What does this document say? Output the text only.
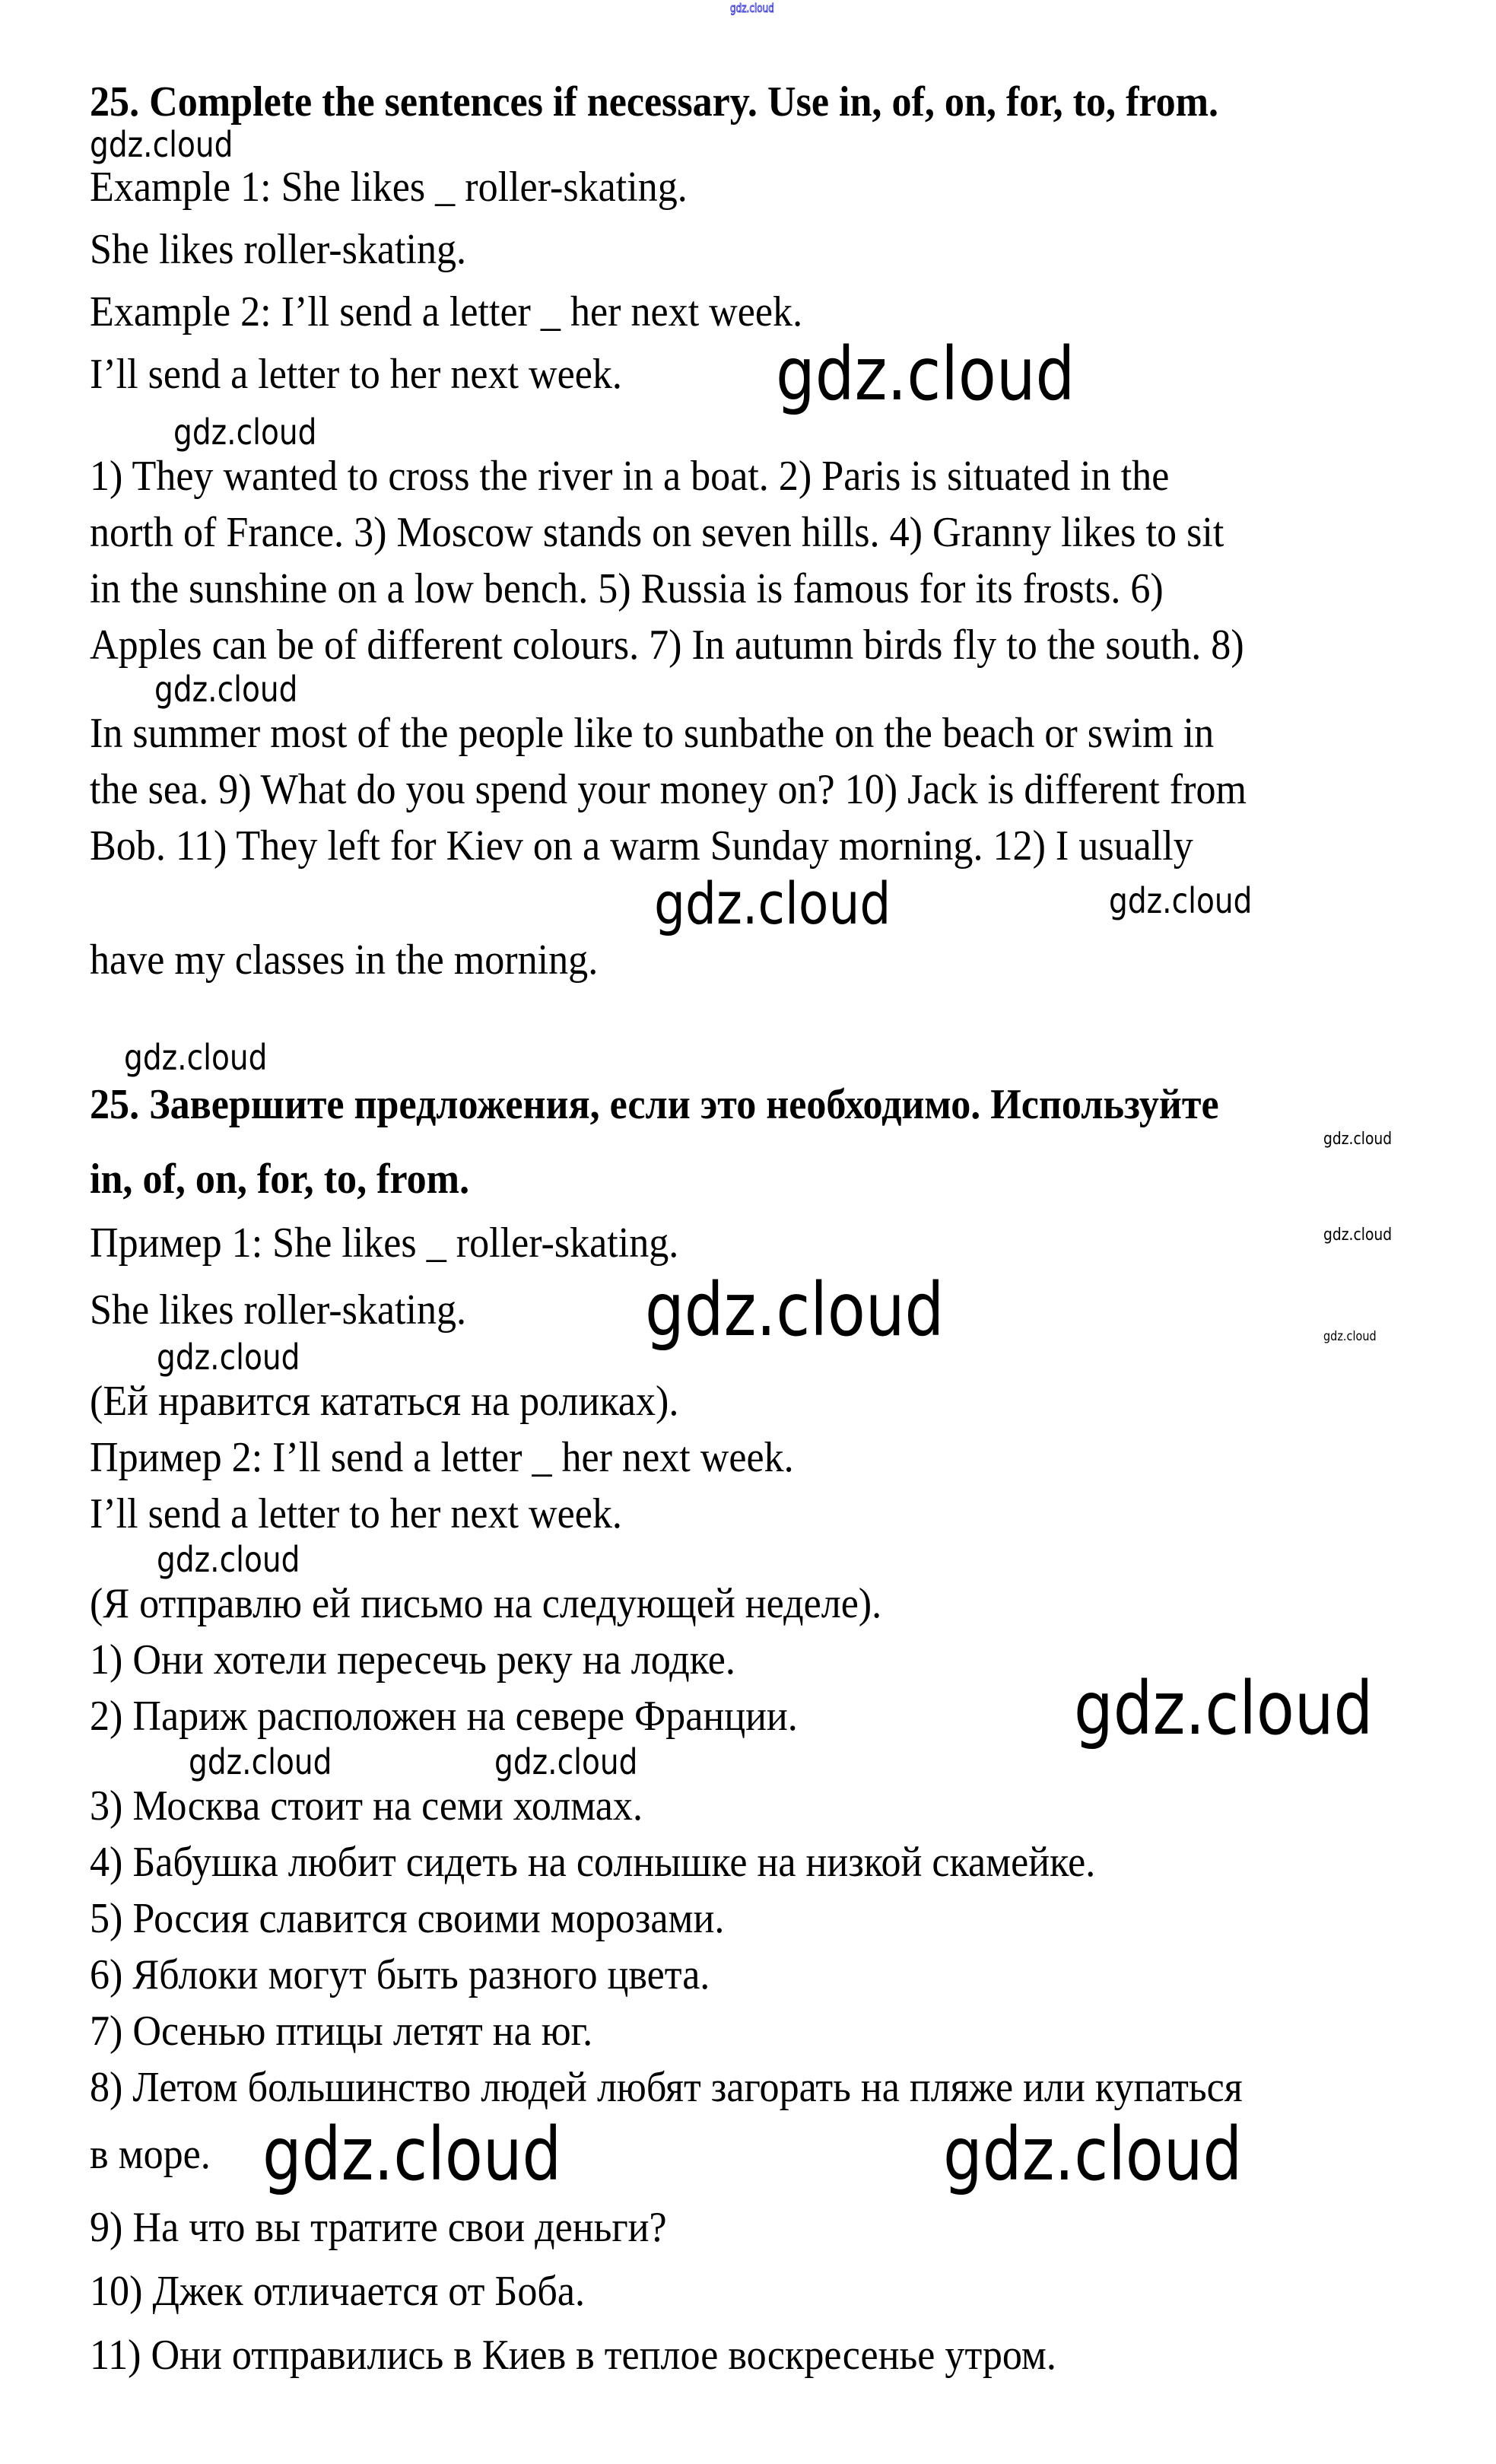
gdz.cloud
25. Complete the sentences if necessary. Use in, of, on, for, to, from.
gdz.cloud
Example 1: She likes _ roller-skating.
She likes roller-skating.
Example 2: I’ll send a letter _ her next week.
I’ll send a letter to her next week. gdz.cloud
gdz.cloud
1) They wanted to cross the river in a boat. 2) Paris is situated in the
north of France. 3) Moscow stands on seven hills. 4) Granny likes to sit
in the sunshine on a low bench. 5) Russia is famous for its frosts. 6)
Apples can be of different colours. 7) In autumn birds fly to the south. 8)
gdz.cloud
In summer most of the people like to sunbathe on the beach or swim in
the sea. 9) What do you spend your money on? 10) Jack is different from
Bob. 11) They left for Kiev on a warm Sunday morning. 12) I usually
gdz.cloud	gdz.cloud
have my classes in the morning.
gdz.cloud
25. Завершите предложения, если это необходимо. Используйте
gdz.cloud
in, of, on, for, to, from.
Пример 1: She likes _ roller-skating.	gdz.cloud
She likes roller-skating. gdz.cloud	gdz.cloud
gdz.cloud
(Ей нравится кататься на роликах).
Пример 2: I’ll send a letter _ her next week.
I’ll send a letter to her next week.
gdz.cloud
(Я отправлю ей письмо на следующей неделе).
1) Они хотели пересечь реку на лодке.
2) Париж расположен на севере Франции.	gdz.cloud
gdz.cloud	gdz.cloud
3) Москва стоит на семи холмах.
4) Бабушка любит сидеть на солнышке на низкой скамейке.
5) Россия славится своими морозами.
6) Яблоки могут быть разного цвета.
7) Осенью птицы летят на юг.
8) Летом большинство людей любят загорать на пляже или купаться
gdz.cloud	gdz.cloud
в море.
9) На что вы тратите свои деньги?
10) Джек отличается от Боба.
11) Они отправились в Киев в теплое воскресенье утром.
